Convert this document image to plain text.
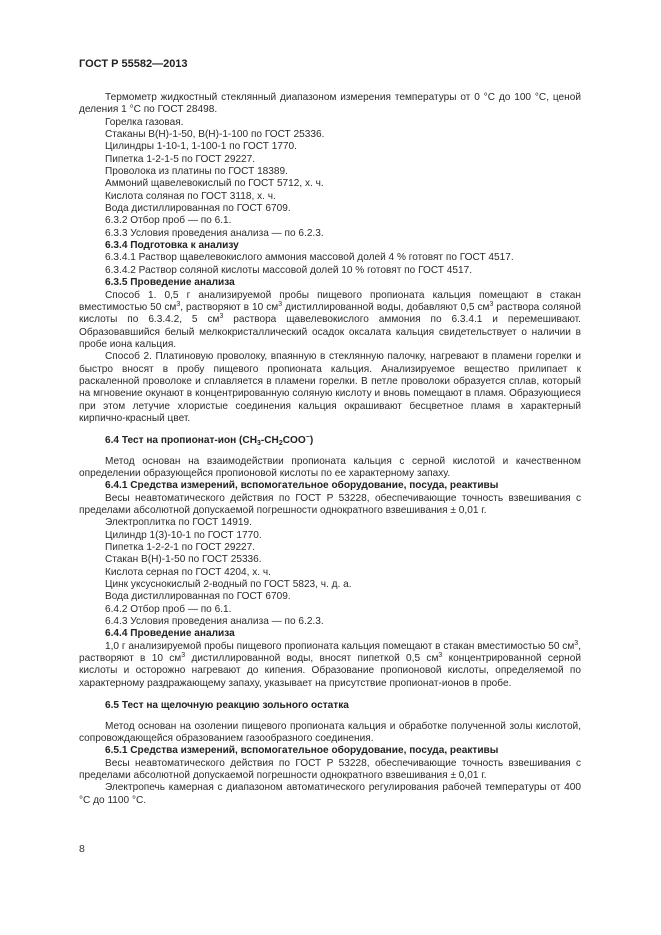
ГОСТ Р 55582—2013

Термометр жидкостный стеклянный диапазоном измерения температуры от 0 °С до 100 °С, ценой деления 1 °С по ГОСТ 28498.

Горелка газовая.

Стаканы В(Н)-1-50, В(Н)-1-100 по ГОСТ 25336.

Цилиндры 1-10-1, 1-100-1 по ГОСТ 1770.

Пипетка 1-2-1-5 по ГОСТ 29227.

Проволока из платины по ГОСТ 18389.

Аммоний щавелевокислый по ГОСТ 5712, х. ч.

Кислота соляная по ГОСТ 3118, х. ч.

Вода дистиллированная по ГОСТ 6709.

6.3.2 Отбор проб — по 6.1.

6.3.3 Условия проведения анализа — по 6.2.3.

6.3.4 Подготовка к анализу

6.3.4.1 Раствор щавелевокислого аммония массовой долей 4 % готовят по ГОСТ 4517.

6.3.4.2 Раствор соляной кислоты массовой долей 10 % готовят по ГОСТ 4517.

6.3.5 Проведение анализа

Способ 1. 0,5 г анализируемой пробы пищевого пропионата кальция помещают в стакан вместимостью 50 $см^3$, растворяют в 10 $см^3$ дистиллированной воды, добавляют 0,5 $см^3$ раствора соляной кислоты по 6.3.4.2, 5 $см^3$ раствора щавелевокислого аммония по 6.3.4.1 и перемешивают. Образовавшийся белый мелкокристаллический осадок оксалата кальция свидетельствует о наличии в пробе иона кальция.

Способ 2. Платиновую проволоку, впаянную в стеклянную палочку, нагревают в пламени горелки и быстро вносят в пробу пищевого пропионата кальция. Анализируемое вещество прилипает к раскаленной проволоке и сплавляется в пламени горелки. В петле проволоки образуется сплав, который на мгновение окунают в концентрированную соляную кислоту и вновь помещают в пламя. Образующиеся при этом летучие хлористые соединения кальция окрашивают бесцветное пламя в характерный кирпично-красный цвет.

6.4 Тест на пропионат-ион $(CH_3-CH_2COO^-)$

Метод основан на взаимодействии пропионата кальция с серной кислотой и качественном определении образующейся пропионовой кислоты по ее характерному запаху.

6.4.1 Средства измерений, вспомогательное оборудование, посуда, реактивы

Весы неавтоматического действия по ГОСТ Р 53228, обеспечивающие точность взвешивания с пределами абсолютной допускаемой погрешности однократного взвешивания ± 0,01 г.

Электроплитка по ГОСТ 14919.

Цилиндр 1(3)-10-1 по ГОСТ 1770.

Пипетка 1-2-2-1 по ГОСТ 29227.

Стакан В(Н)-1-50 по ГОСТ 25336.

Кислота серная по ГОСТ 4204, х. ч.

Цинк уксуснокислый 2-водный по ГОСТ 5823, ч. д. а.

Вода дистиллированная по ГОСТ 6709.

6.4.2 Отбор проб — по 6.1.

6.4.3 Условия проведения анализа — по 6.2.3.

6.4.4 Проведение анализа

1,0 г анализируемой пробы пищевого пропионата кальция помещают в стакан вместимостью 50 $см^3$, растворяют в 10 $см^3$ дистиллированной воды, вносят пипеткой 0,5 $см^3$ концентрированной серной кислоты и осторожно нагревают до кипения. Образование пропионовой кислоты, определяемой по характерному раздражающему запаху, указывает на присутствие пропионат-ионов в пробе.

6.5 Тест на щелочную реакцию зольного остатка

Метод основан на озолении пищевого пропионата кальция и обработке полученной золы кислотой, сопровождающейся образованием газообразного соединения.

6.5.1 Средства измерений, вспомогательное оборудование, посуда, реактивы

Весы неавтоматического действия по ГОСТ Р 53228, обеспечивающие точность взвешивания с пределами абсолютной допускаемой погрешности однократного взвешивания ± 0,01 г.

Электропечь камерная с диапазоном автоматического регулирования рабочей температуры от 400 °С до 1100 °С.

8
